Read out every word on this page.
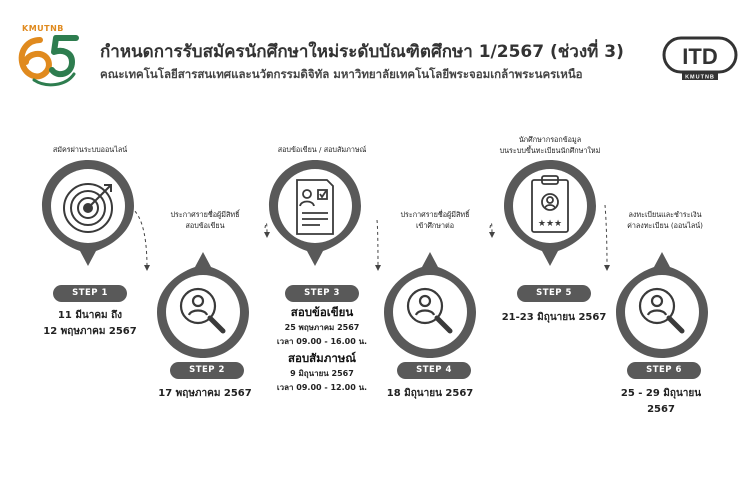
KMUTNB
กำหนดการรับสมัครนักศึกษาใหม่ระดับบัณฑิตศึกษา 1/2567 (ช่วงที่ 3)
คณะเทคโนโลยีสารสนเทศและนวัตกรรมดิจิทัล มหาวิทยาลัยเทคโนโลยีพระจอมเกล้าพระนครเหนือ
ITD
KMUTNB
สมัครผ่านระบบออนไลน์
STEP 1
11 มีนาคม ถึง
12 พฤษภาคม 2567
ประกาศรายชื่อผู้มีสิทธิ์
สอบข้อเขียน
STEP 2
17 พฤษภาคม 2567
สอบข้อเขียน / สอบสัมภาษณ์
STEP 3
สอบข้อเขียน
25 พฤษภาคม 2567
เวลา 09.00 - 16.00 น.
สอบสัมภาษณ์
9 มิถุนายน 2567
เวลา 09.00 - 12.00 น.
ประกาศรายชื่อผู้มีสิทธิ์
เข้าศึกษาต่อ
STEP 4
18 มิถุนายน 2567
นักศึกษากรอกข้อมูล
บนระบบขึ้นทะเบียนนักศึกษาใหม่
★★★
STEP 5
21-23 มิถุนายน 2567
ลงทะเบียนและชำระเงิน
ค่าลงทะเบียน (ออนไลน์)
STEP 6
25 - 29 มิถุนายน
2567
